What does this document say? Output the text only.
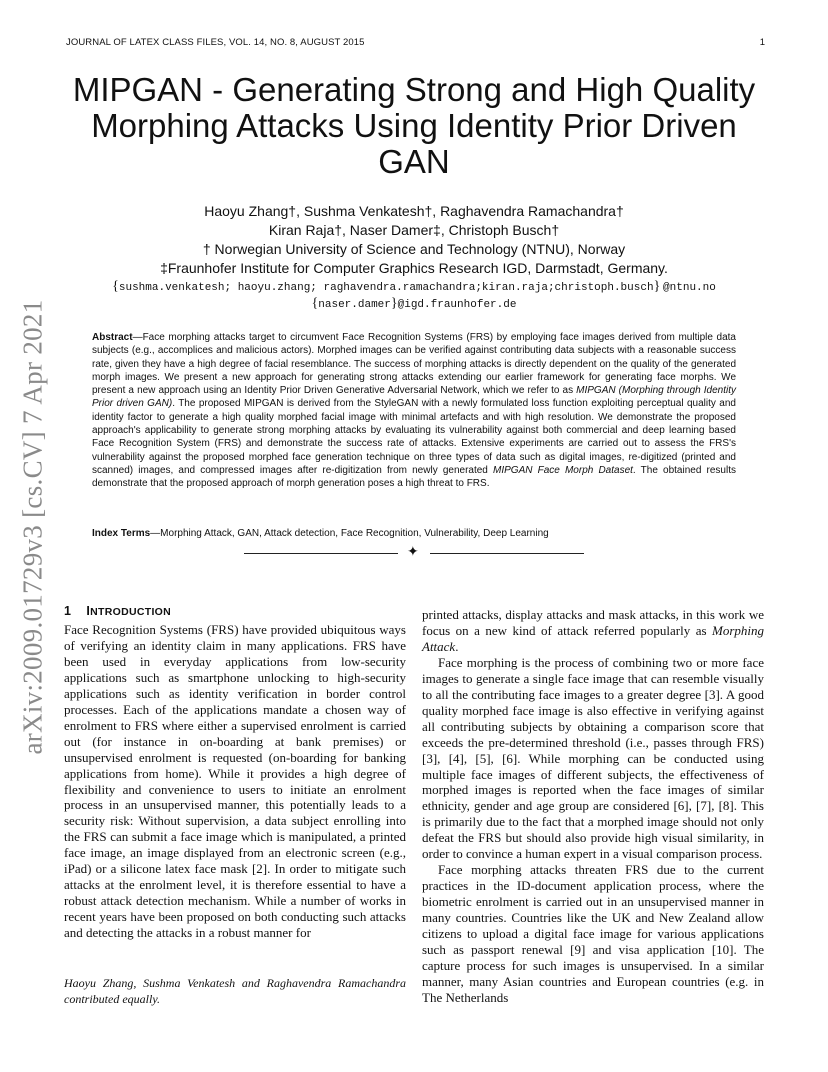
JOURNAL OF LATEX CLASS FILES, VOL. 14, NO. 8, AUGUST 2015	1
arXiv:2009.01729v3 [cs.CV] 7 Apr 2021
MIPGAN - Generating Strong and High Quality
Morphing Attacks Using Identity Prior Driven
GAN
Haoyu Zhang†, Sushma Venkatesh†, Raghavendra Ramachandra†
Kiran Raja†, Naser Damer‡, Christoph Busch†
† Norwegian University of Science and Technology (NTNU), Norway
‡Fraunhofer Institute for Computer Graphics Research IGD, Darmstadt, Germany.
{sushma.venkatesh; haoyu.zhang; raghavendra.ramachandra;kiran.raja;christoph.busch} @ntnu.no
{naser.damer}@igd.fraunhofer.de
Abstract—Face morphing attacks target to circumvent Face Recognition Systems (FRS) by employing face images derived from multiple data subjects (e.g., accomplices and malicious actors). Morphed images can be verified against contributing data subjects with a reasonable success rate, given they have a high degree of facial resemblance. The success of morphing attacks is directly dependent on the quality of the generated morph images. We present a new approach for generating strong attacks extending our earlier framework for generating face morphs. We present a new approach using an Identity Prior Driven Generative Adversarial Network, which we refer to as MIPGAN (Morphing through Identity Prior driven GAN). The proposed MIPGAN is derived from the StyleGAN with a newly formulated loss function exploiting perceptual quality and identity factor to generate a high quality morphed facial image with minimal artefacts and with high resolution. We demonstrate the proposed approach's applicability to generate strong morphing attacks by evaluating its vulnerability against both commercial and deep learning based Face Recognition System (FRS) and demonstrate the success rate of attacks. Extensive experiments are carried out to assess the FRS's vulnerability against the proposed morphed face generation technique on three types of data such as digital images, re-digitized (printed and scanned) images, and compressed images after re-digitization from newly generated MIPGAN Face Morph Dataset. The obtained results demonstrate that the proposed approach of morph generation poses a high threat to FRS.
Index Terms—Morphing Attack, GAN, Attack detection, Face Recognition, Vulnerability, Deep Learning
✦
1 INTRODUCTION

Face Recognition Systems (FRS) have provided ubiquitous ways of verifying an identity claim in many applications. FRS have been used in everyday applications from low-security applications such as smartphone unlocking to high-security applications such as identity verification in border control processes. Each of the applications mandate a chosen way of enrolment to FRS where either a supervised enrolment is carried out (for instance in on-boarding at bank premises) or unsupervised enrolment is requested (on-boarding for banking applications from home). While it provides a high degree of flexibility and convenience to users to initiate an enrolment process in an unsupervised manner, this potentially leads to a security risk: Without supervision, a data subject enrolling into the FRS can submit a face image which is manipulated, a printed face image, an image displayed from an electronic screen (e.g., iPad) or a silicone latex face mask [2]. In order to mitigate such attacks at the enrolment level, it is therefore essential to have a robust attack detection mechanism. While a number of works in recent years have been proposed on both conducting such attacks and detecting the attacks in a robust manner for

Haoyu Zhang, Sushma Venkatesh and Raghavendra Ramachandra contributed equally.

printed attacks, display attacks and mask attacks, in this work we focus on a new kind of attack referred popularly as Morphing Attack.

Face morphing is the process of combining two or more face images to generate a single face image that can resemble visually to all the contributing face images to a greater degree [3]. A good quality morphed face image is also effective in verifying against all contributing subjects by obtaining a comparison score that exceeds the pre-determined threshold (i.e., passes through FRS) [3], [4], [5], [6]. While morphing can be conducted using multiple face images of different subjects, the effectiveness of morphed images is reported when the face images of similar ethnicity, gender and age group are considered [6], [7], [8]. This is primarily due to the fact that a morphed image should not only defeat the FRS but should also provide high visual similarity, in order to convince a human expert in a visual comparison process.

Face morphing attacks threaten FRS due to the current practices in the ID-document application process, where the biometric enrolment is carried out in an unsupervised manner in many countries. Countries like the UK and New Zealand allow citizens to upload a digital face image for various applications such as passport renewal [9] and visa application [10]. The capture process for such images is unsupervised. In a similar manner, many Asian countries and European countries (e.g. in The Netherlands
